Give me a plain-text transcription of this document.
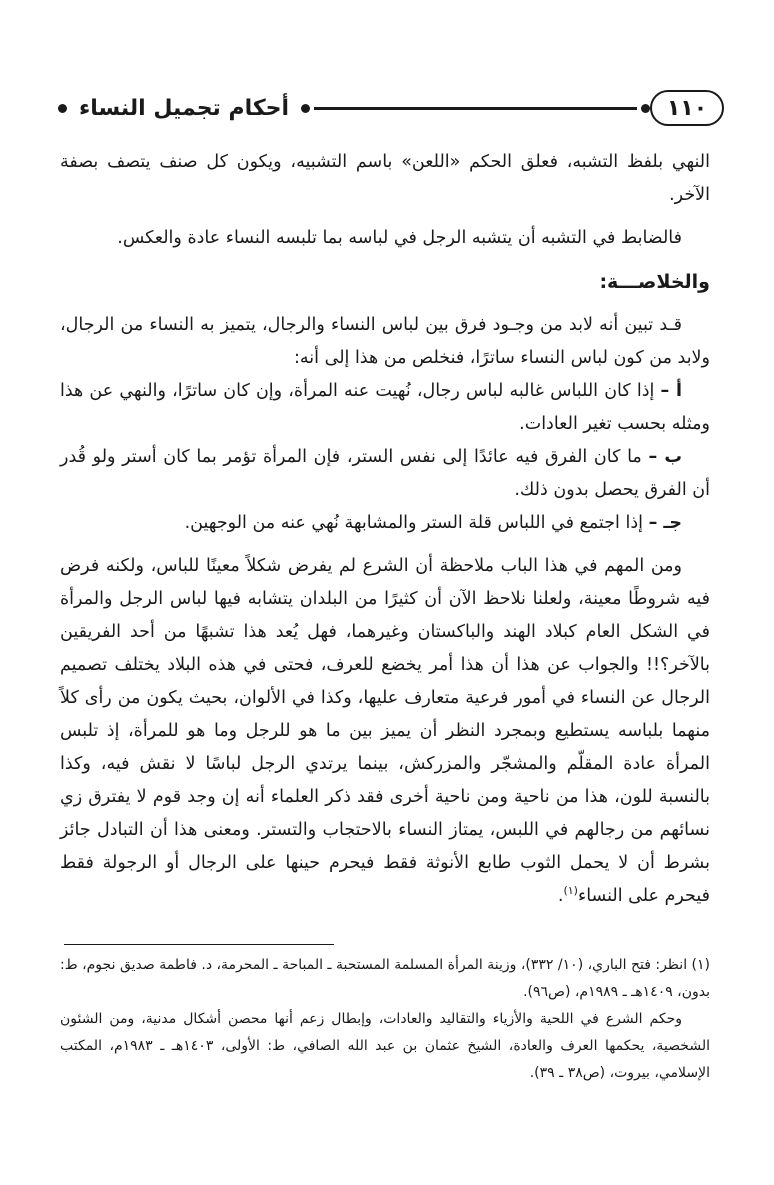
١١٠
أحكام تجميل النساء

النهي بلفظ التشبه، فعلق الحكم «اللعن» باسم التشبيه، ويكون كل صنف يتصف بصفة الآخر.

فالضابط في التشبه أن يتشبه الرجل في لباسه بما تلبسه النساء عادة والعكس.

والخلاصـــة:

قـد تبين أنه لابد من وجـود فرق بين لباس النساء والرجال، يتميز به النساء من الرجال، ولابد من كون لباس النساء ساترًا، فنخلص من هذا إلى أنه:

أ – إذا كان اللباس غالبه لباس رجال، نُهيت عنه المرأة، وإن كان ساترًا، والنهي عن هذا ومثله بحسب تغير العادات.

ب – ما كان الفرق فيه عائدًا إلى نفس الستر، فإن المرأة تؤمر بما كان أستر ولو قُدر أن الفرق يحصل بدون ذلك.

جـ – إذا اجتمع في اللباس قلة الستر والمشابهة نُهي عنه من الوجهين.

ومن المهم في هذا الباب ملاحظة أن الشرع لم يفرض شكلاً معينًا للباس، ولكنه فرض فيه شروطًا معينة، ولعلنا نلاحظ الآن أن كثيرًا من البلدان يتشابه فيها لباس الرجل والمرأة في الشكل العام كبلاد الهند والباكستان وغيرهما، فهل يُعد هذا تشبهًا من أحد الفريقين بالآخر؟!! والجواب عن هذا أن هذا أمر يخضع للعرف، فحتى في هذه البلاد يختلف تصميم الرجال عن النساء في أمور فرعية متعارف عليها، وكذا في الألوان، بحيث يكون من رأى كلاً منهما بلباسه يستطيع وبمجرد النظر أن يميز بين ما هو للرجل وما هو للمرأة، إذ تلبس المرأة عادة المقلّم والمشجّر والمزركش، بينما يرتدي الرجل لباسًا لا نقش فيه، وكذا بالنسبة للون، هذا من ناحية ومن ناحية أخرى فقد ذكر العلماء أنه إن وجد قوم لا يفترق زي نسائهم من رجالهم في اللبس، يمتاز النساء بالاحتجاب والتستر. ومعنى هذا أن التبادل جائز بشرط أن لا يحمل الثوب طابع الأنوثة فقط فيحرم حينها على الرجال أو الرجولة فقط فيحرم على النساء$^{(١)}$.

(١) انظر: فتح الباري، (١٠/ ٣٣٢)، وزينة المرأة المسلمة المستحبة ـ المباحة ـ المحرمة، د. فاطمة صديق نجوم، ط: بدون، ١٤٠٩هـ ـ ١٩٨٩م، (ص٩٦).

وحكم الشرع في اللحية والأزياء والتقاليد والعادات، وإبطال زعم أنها محصن أشكال مدنية، ومن الشئون الشخصية، يحكمها العرف والعادة، الشيخ عثمان بن عبد الله الصافي، ط: الأولى، ١٤٠٣هـ ـ ١٩٨٣م، المكتب الإسلامي، بيروت، (ص٣٨ ـ ٣٩).
